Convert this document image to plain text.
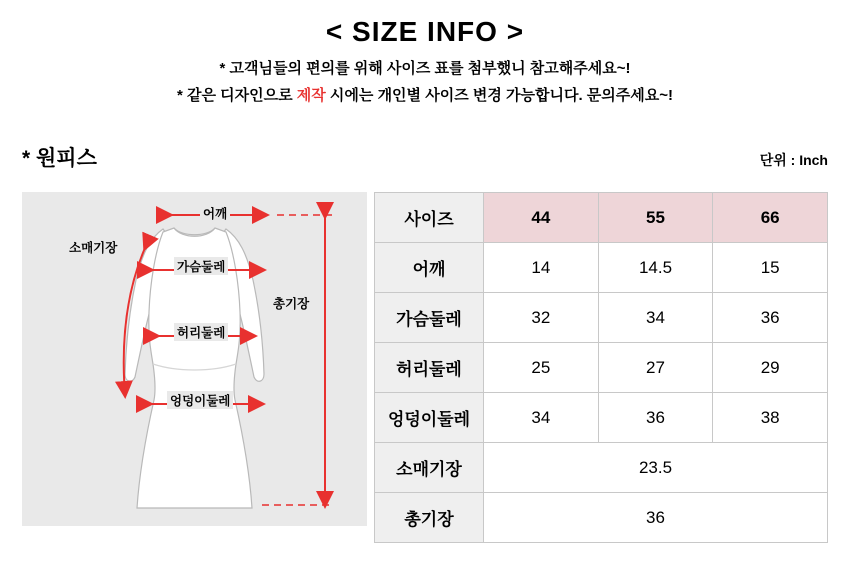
< SIZE INFO >
* 고객님들의 편의를 위해 사이즈 표를 첨부했니 참고해주세요~!
* 같은 디자인으로 제작 시에는 개인별 사이즈 변경 가능합니다. 문의주세요~!
* 원피스	단위 : Inch
어깨
소매기장
가슴둘레
허리둘레
엉덩이둘레
총기장
사이즈	44	55	66
어깨	14	14.5	15
가슴둘레	32	34	36
허리둘레	25	27	29
엉덩이둘레	34	36	38
소매기장	23.5		
총기장	36		
